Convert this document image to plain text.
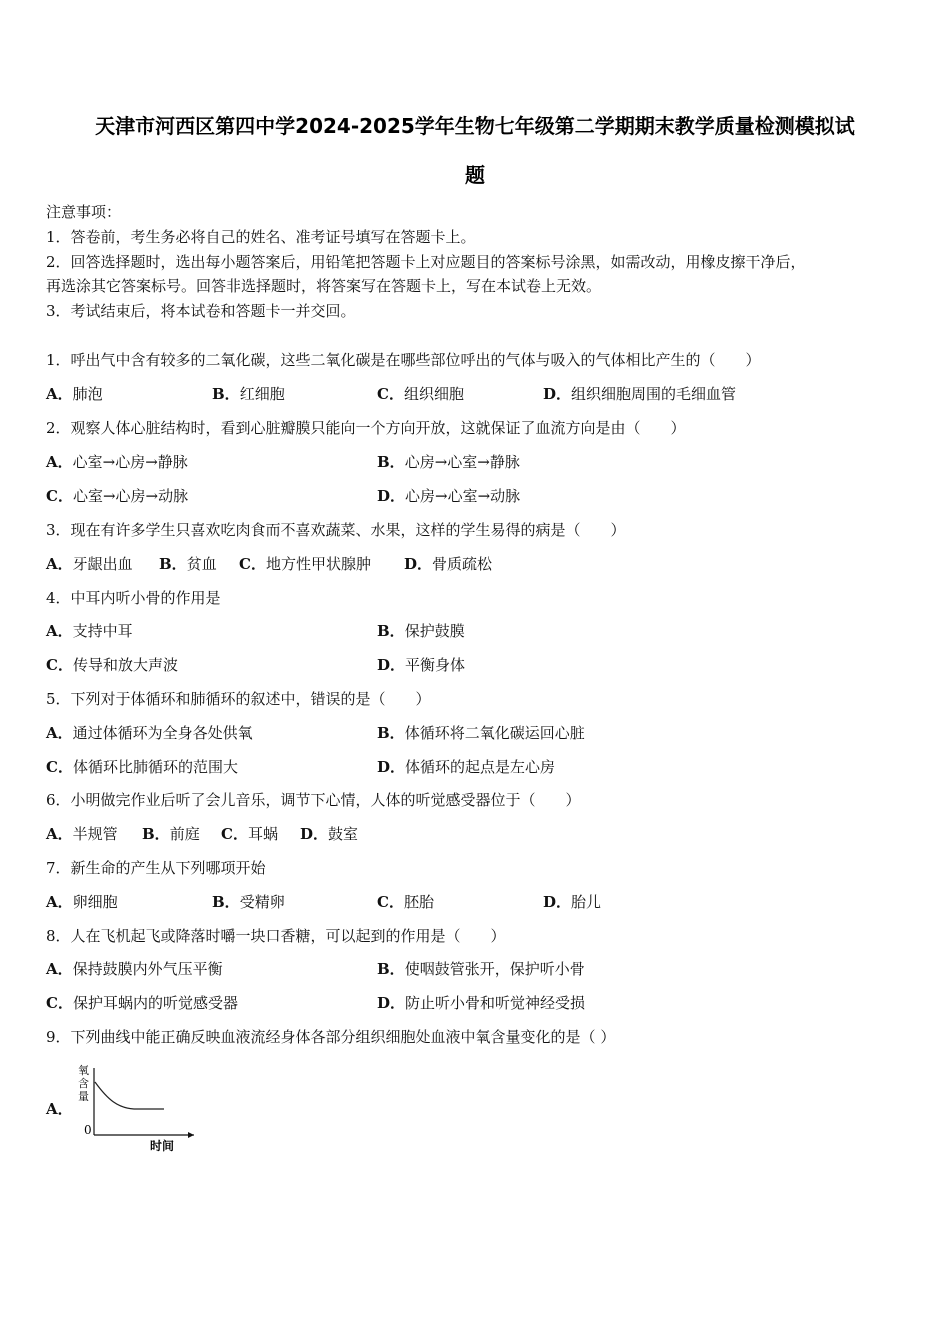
天津市河西区第四中学2024-2025学年生物七年级第二学期期末教学质量检测模拟试
题
注意事项：
1．答卷前，考生务必将自己的姓名、准考证号填写在答题卡上。
2．回答选择题时，选出每小题答案后，用铅笔把答题卡上对应题目的答案标号涂黑，如需改动，用橡皮擦干净后，
再选涂其它答案标号。回答非选择题时，将答案写在答题卡上，写在本试卷上无效。
3．考试结束后，将本试卷和答题卡一并交回。
1．呼出气中含有较多的二氧化碳，这些二氧化碳是在哪些部位呼出的气体与吸入的气体相比产生的（　　）
A．肺泡	B．红细胞	C．组织细胞	D．组织细胞周围的毛细血管
2．观察人体心脏结构时，看到心脏瓣膜只能向一个方向开放，这就保证了血流方向是由（　　）
A．心室→心房→静脉	B．心房→心室→静脉
C．心室→心房→动脉	D．心房→心室→动脉
3．现在有许多学生只喜欢吃肉食而不喜欢蔬菜、水果，这样的学生易得的病是（　　）
A．牙龈出血 B．贫血 C．地方性甲状腺肿 D．骨质疏松
4．中耳内听小骨的作用是
A．支持中耳	B．保护鼓膜
C．传导和放大声波	D．平衡身体
5．下列对于体循环和肺循环的叙述中，错误的是（　　）
A．通过体循环为全身各处供氧	B．体循环将二氧化碳运回心脏
C．体循环比肺循环的范围大	D．体循环的起点是左心房
6．小明做完作业后听了会儿音乐，调节下心情，人体的听觉感受器位于（　　）
A．半规管 B．前庭 C．耳蜗 D．鼓室
7．新生命的产生从下列哪项开始
A．卵细胞	B．受精卵	C．胚胎	D．胎儿
8．人在飞机起飞或降落时嚼一块口香糖，可以起到的作用是（　　）
A．保持鼓膜内外气压平衡	B．使咽鼓管张开，保护听小骨
C．保护耳蜗内的听觉感受器	D．防止听小骨和听觉神经受损
9．下列曲线中能正确反映血液流经身体各部分组织细胞处血液中氧含量变化的是（ ）
A．
氧
含
量
0
时间
